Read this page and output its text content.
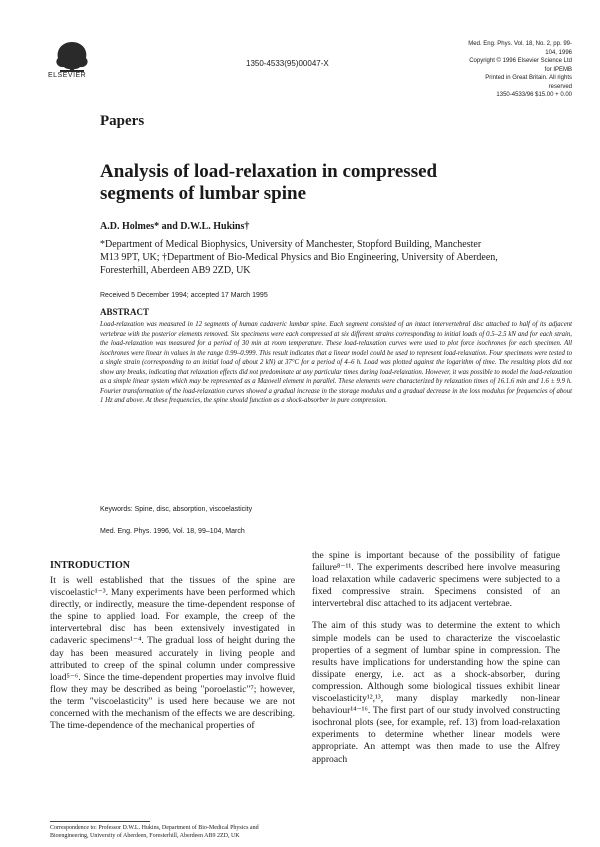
ELSEVIER
1350-4533(95)00047-X
Med. Eng. Phys. Vol. 18, No. 2, pp. 99-104, 1996
Copyright © 1996 Elsevier Science Ltd for IPEMB
Printed in Great Britain. All rights reserved
1350-4533/96 $15.00 + 0.00
Papers
Analysis of load-relaxation in compressed segments of lumbar spine
A.D. Holmes* and D.W.L. Hukins†
*Department of Medical Biophysics, University of Manchester, Stopford Building, Manchester M13 9PT, UK; †Department of Bio-Medical Physics and Bio Engineering, University of Aberdeen, Foresterhill, Aberdeen AB9 2ZD, UK
Received 5 December 1994; accepted 17 March 1995
ABSTRACT
Load-relaxation was measured in 12 segments of human cadaveric lumbar spine. Each segment consisted of an intact intervertebral disc attached to half of its adjacent vertebrae with the posterior elements removed. Six specimens were each compressed at six different strains corresponding to initial loads of 0.5–2.5 kN and for each strain, the load-relaxation was measured for a period of 30 min at room temperature. These load-relaxation curves were used to plot force isochrones for each specimen. All isochrones were linear in values in the range 0.99–0.999. This result indicates that a linear model could be used to represent load-relaxation. Four specimens were tested to a single strain (corresponding to an initial load of about 2 kN) at 37°C for a period of 4–6 h. Load was plotted against the logarithm of time. The resulting plots did not show any breaks, indicating that relaxation effects did not predominate at any particular times during load-relaxation. However, it was possible to model the load-relaxation as a simple linear system which may be represented as a Maxwell element in parallel. These elements were characterized by relaxation times of 16.1.6 min and 1.6 ± 9.9 h. Fourier transformation of the load-relaxation curves showed a gradual increase in the storage modulus and a gradual decrease in the loss modulus for frequencies of about 1 Hz and above. At these frequencies, the spine should function as a shock-absorber in pure compression.
Keywords: Spine, disc, absorption, viscoelasticity
Med. Eng. Phys. 1996, Vol. 18, 99–104, March
INTRODUCTION

It is well established that the tissues of the spine are viscoelastic¹⁻³. Many experiments have been performed which directly, or indirectly, measure the time-dependent response of the spine to applied load. For example, the creep of the intervertebral disc has been extensively investigated in cadaveric specimens¹⁻⁴. The gradual loss of height during the day has been measured accurately in living people and attributed to creep of the spinal column under compressive load⁵⁻⁶. Since the time-dependent properties may involve fluid flow they may be described as being "poroelastic"⁷; however, the term "viscoelasticity" is used here because we are not concerned with the mechanism of the effects we are describing. The time-dependence of the mechanical properties of

the spine is important because of the possibility of fatigue failure⁸⁻¹¹. The experiments described here involve measuring load relaxation while cadaveric specimens were subjected to a fixed compressive strain. Specimens consisted of an intervertebral disc attached to its adjacent vertebrae.

The aim of this study was to determine the extent to which simple models can be used to characterize the viscoelastic properties of a segment of lumbar spine in compression. The results have implications for understanding how the spine can dissipate energy, i.e. act as a shock-absorber, during compression. Although some biological tissues exhibit linear viscoelasticity¹²,¹³, many display markedly non-linear behaviour¹⁴⁻¹⁶. The first part of our study involved constructing isochronal plots (see, for example, ref. 13) from load-relaxation experiments to determine whether linear models were appropriate. An attempt was then made to use the Alfrey approach

Correspondence to: Professor D.W.L. Hukins, Department of Bio-Medical Physics and Bioengineering, University of Aberdeen, Foresterhill, Aberdeen AB9 2ZD, UK
